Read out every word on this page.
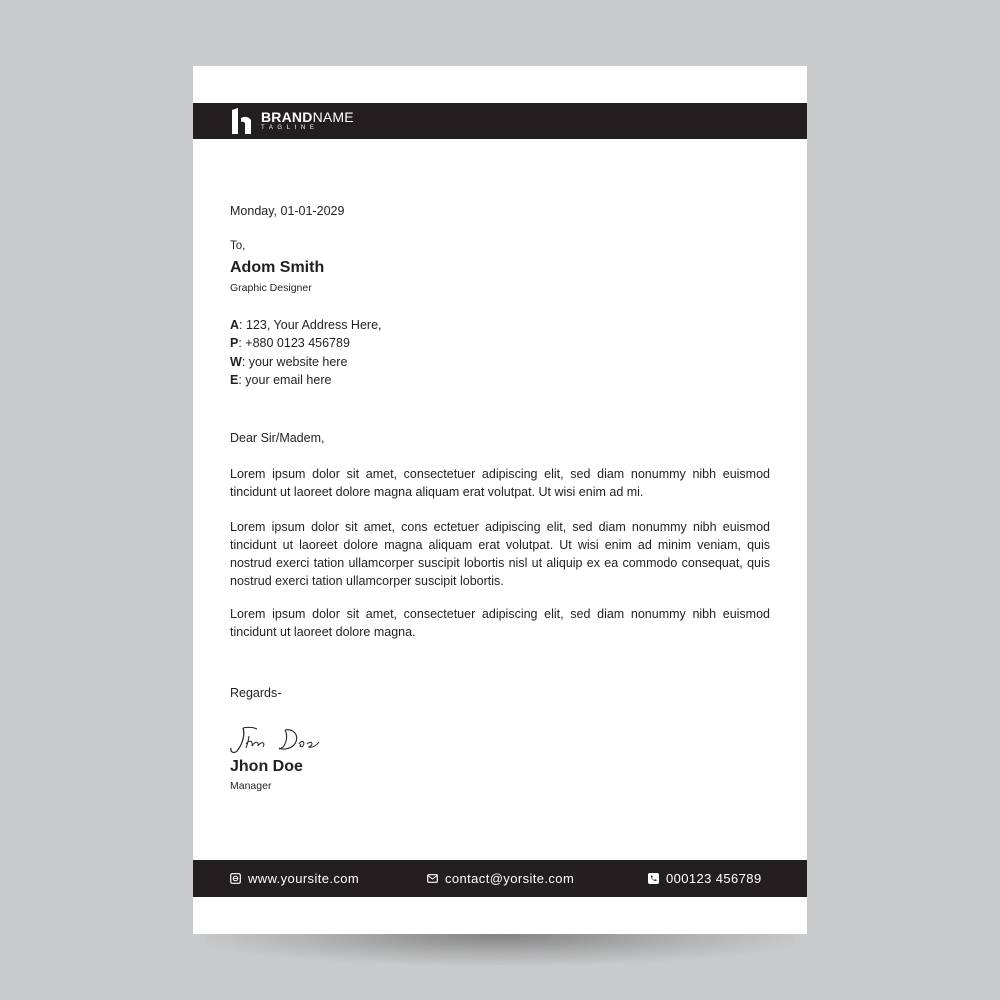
BRANDNAME
TAGLINE
Monday, 01-01-2029
To,
Adom Smith
Graphic Designer
A: 123, Your Address Here,
P: +880 0123 456789
W: your website here
E: your email here
Dear Sir/Madem,

Lorem ipsum dolor sit amet, consectetuer adipiscing elit, sed diam nonummy nibh euismod tincidunt ut laoreet dolore magna aliquam erat volutpat. Ut wisi enim ad mi.

Lorem ipsum dolor sit amet, cons ectetuer adipiscing elit, sed diam nonummy nibh euismod tincidunt ut laoreet dolore magna aliquam erat volutpat. Ut wisi enim ad minim veniam, quis nostrud exerci tation ullamcorper suscipit lobortis nisl ut aliquip ex ea commodo consequat, quis nostrud exerci tation ullamcorper suscipit lobortis.

Lorem ipsum dolor sit amet, consectetuer adipiscing elit, sed diam nonummy nibh euismod tincidunt ut laoreet dolore magna.

Regards-
Jhon Doe
Manager
www.yoursite.com	contact@yorsite.com	000123 456789
